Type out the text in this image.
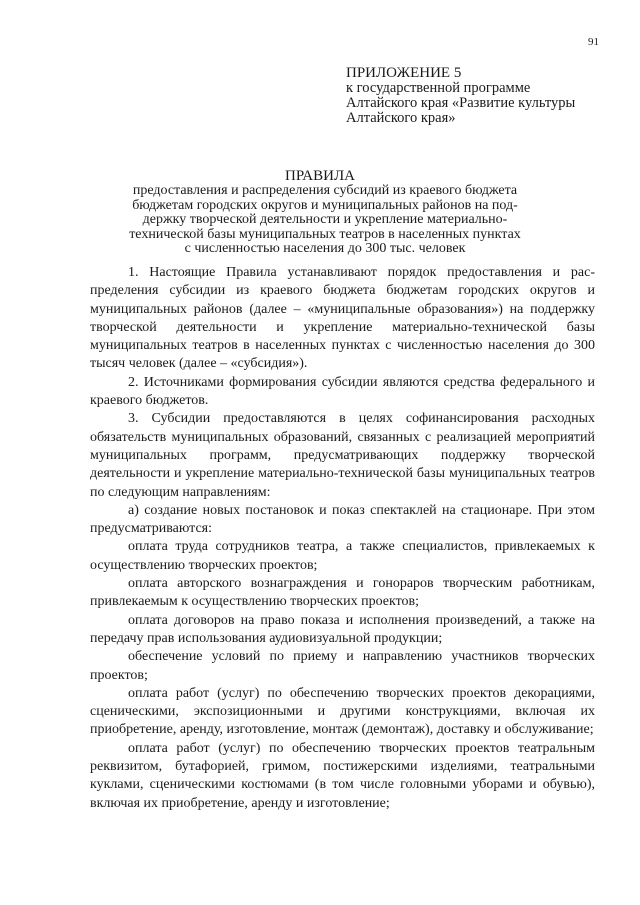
91
ПРИЛОЖЕНИЕ 5
к государственной программе
Алтайского края «Развитие культуры
Алтайского края»
ПРАВИЛА
предоставления и распределения субсидий из краевого бюджета
бюджетам городских округов и муниципальных районов на под-
держку творческой деятельности и укрепление материально-
технической базы муниципальных театров в населенных пунктах
с численностью населения до 300 тыс. человек

1. Настоящие Правила устанавливают порядок предоставления и распределения субсидии из краевого бюджета бюджетам городских округов и муниципальных районов (далее – «муниципальные образования») на поддержку творческой деятельности и укрепление материально-технической базы муниципальных театров в населенных пунктах с численностью населения до 300 тысяч человек (далее – «субсидия»).

2. Источниками формирования субсидии являются средства федерального и краевого бюджетов.

3. Субсидии предоставляются в целях софинансирования расходных обязательств муниципальных образований, связанных с реализацией мероприятий муниципальных программ, предусматривающих поддержку творческой деятельности и укрепление материально-технической базы муниципальных театров по следующим направлениям:

а) создание новых постановок и показ спектаклей на стационаре. При этом предусматриваются:

оплата труда сотрудников театра, а также специалистов, привлекаемых к осуществлению творческих проектов;

оплата авторского вознаграждения и гонораров творческим работникам, привлекаемым к осуществлению творческих проектов;

оплата договоров на право показа и исполнения произведений, а также на передачу прав использования аудиовизуальной продукции;

обеспечение условий по приему и направлению участников творческих проектов;

оплата работ (услуг) по обеспечению творческих проектов декорациями, сценическими, экспозиционными и другими конструкциями, включая их приобретение, аренду, изготовление, монтаж (демонтаж), доставку и обслуживание;

оплата работ (услуг) по обеспечению творческих проектов театральным реквизитом, бутафорией, гримом, постижерскими изделиями, театральными куклами, сценическими костюмами (в том числе головными уборами и обувью), включая их приобретение, аренду и изготовление;
